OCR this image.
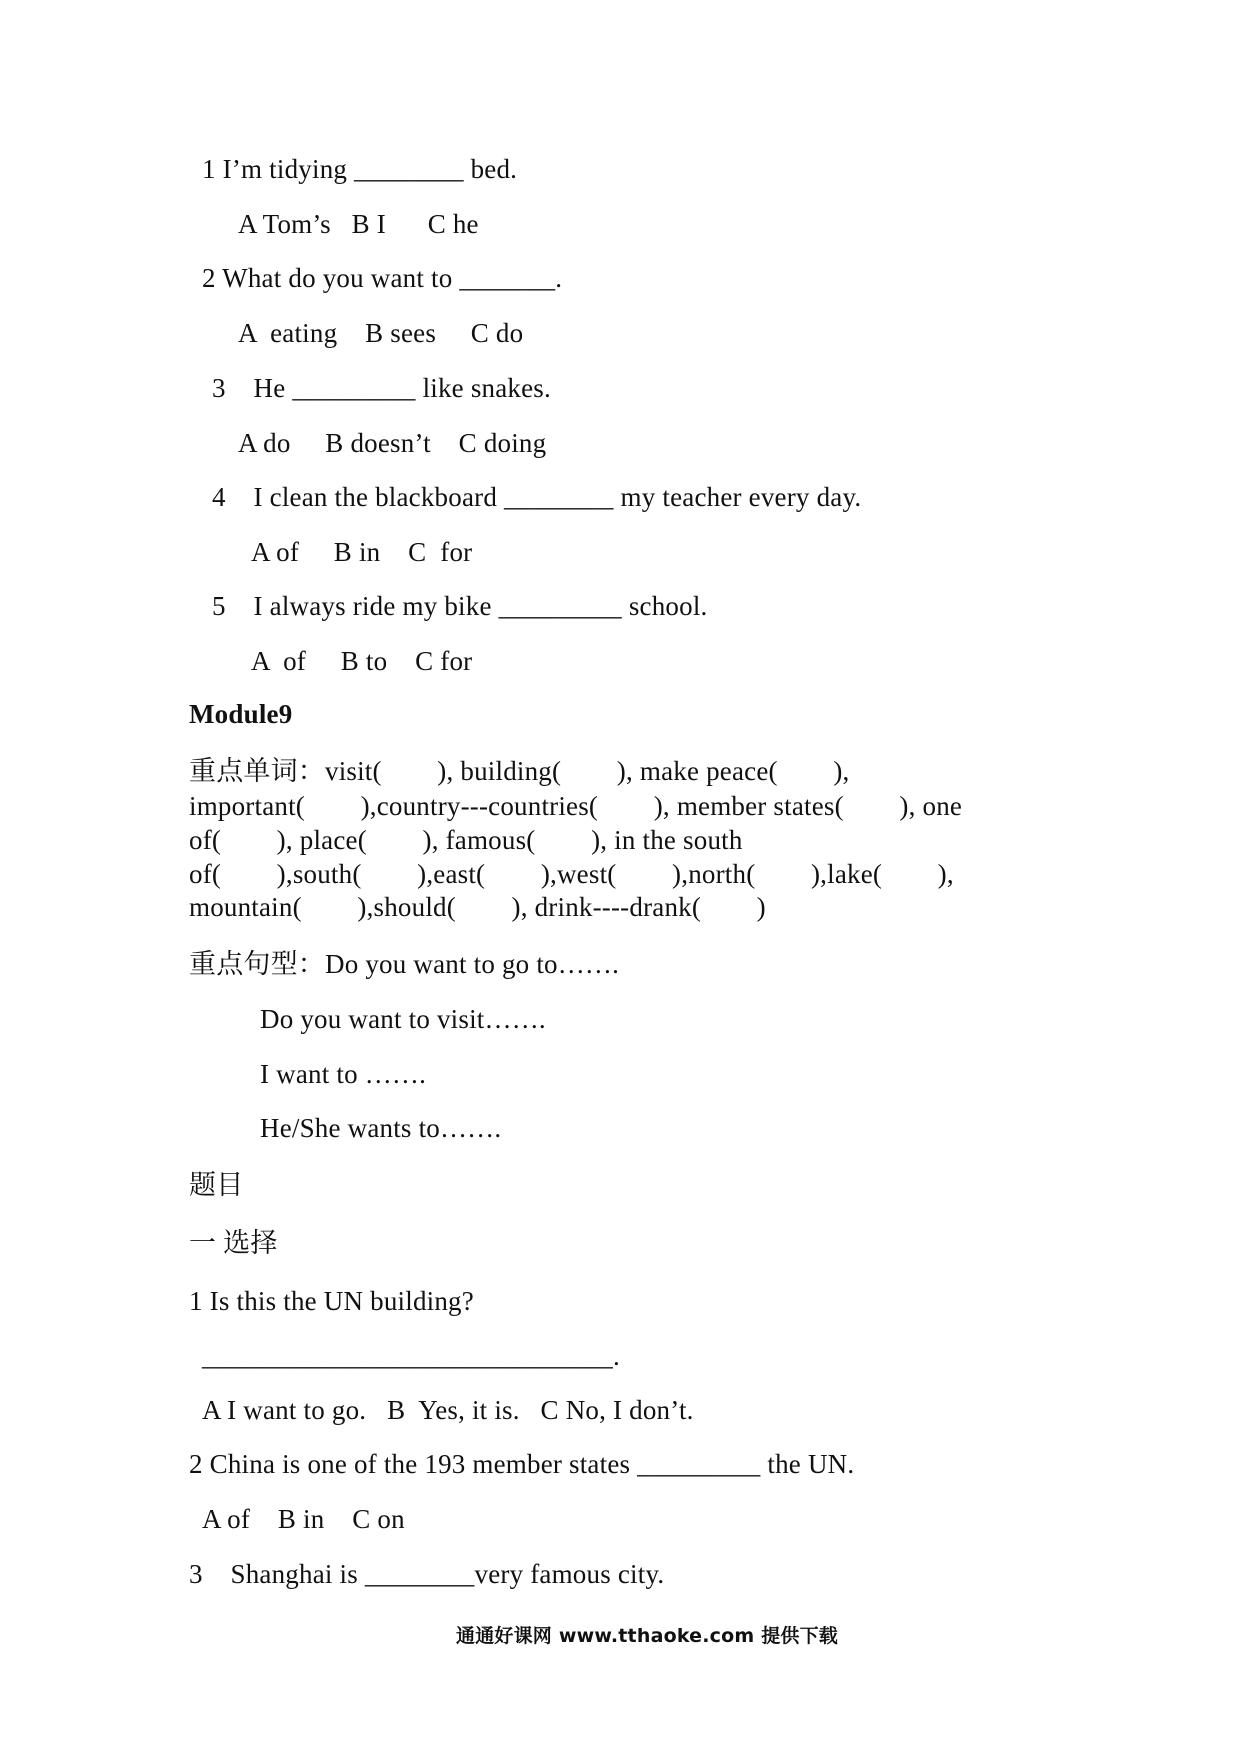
1 I’m tidying ________ bed.
A Tom’s   B I      C he
2 What do you want to _______.
A  eating    B sees     C do
3    He _________ like snakes.
A do     B doesn’t    C doing
4    I clean the blackboard ________ my teacher every day.
A of     B in    C  for
5    I always ride my bike _________ school.
A  of     B to    C for
Module9
重点单词：visit(        ), building(        ), make peace(        ),
important(        ),country---countries(        ), member states(        ), one
of(        ), place(        ), famous(        ), in the south
of(        ),south(        ),east(        ),west(        ),north(        ),lake(        ),
mountain(        ),should(        ), drink----drank(        )
重点句型：Do you want to go to…….
Do you want to visit…….
I want to …….
He/She wants to…….
题目
一 选择
1 Is this the UN building?
______________________________.
A I want to go.   B  Yes, it is.   C No, I don’t.
2 China is one of the 193 member states _________ the UN.
A of    B in    C on
3    Shanghai is ________very famous city.
通通好课网 www.tthaoke.com 提供下载
